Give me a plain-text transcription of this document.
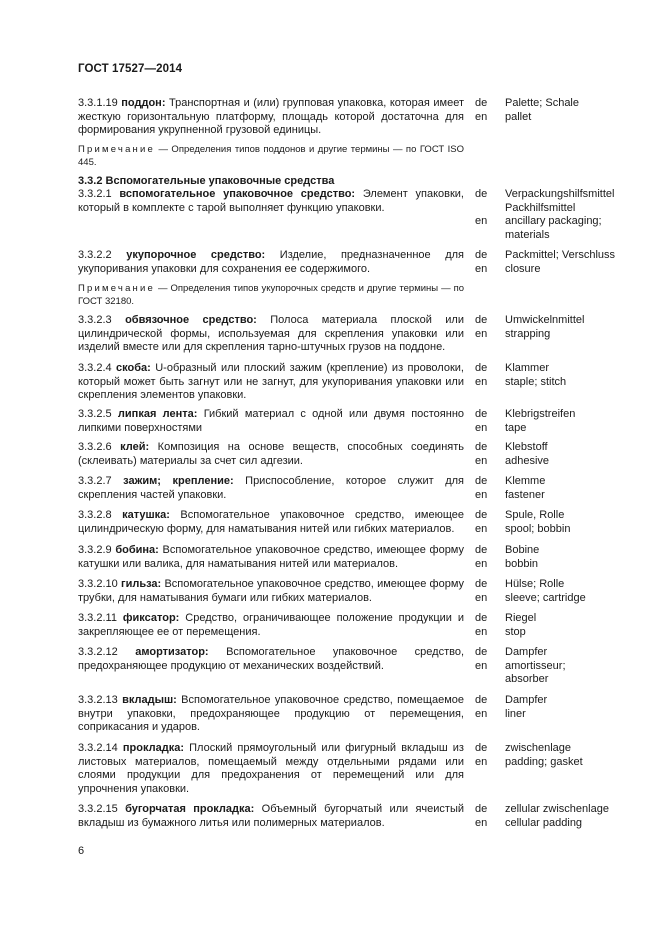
ГОСТ 17527—2014
3.3.1.19 поддон: Транспортная и (или) групповая упаковка, которая имеет жесткую горизонтальную платформу, площадь которой достаточна для формирования укрупненной грузовой единицы.
de
en
Palette; Schale
pallet
Примечание — Определения типов поддонов и другие термины — по ГОСТ ISO 445.
3.3.2 Вспомогательные упаковочные средства
3.3.2.1 вспомогательное упаковочное средство: Элемент упаковки, который в комплекте с тарой выполняет функцию упаковки.
de
en
Verpackungshilfsmittel
Packhilfsmittel
ancillary packaging;
materials
3.3.2.2 укупорочное средство: Изделие, предназначенное для укупоривания упаковки для сохранения ее содержимого.
de
en
Packmittel; Verschluss
closure
Примечание — Определения типов укупорочных средств и другие термины — по ГОСТ 32180.
3.3.2.3 обвязочное средство: Полоса материала плоской или цилиндрической формы, используемая для скрепления упаковки или изделий вместе или для скрепления тарно-штучных грузов на поддоне.
de
en
Umwickelnmittel
strapping
3.3.2.4 скоба: U-образный или плоский зажим (крепление) из проволоки, который может быть загнут или не загнут, для укупоривания упаковки или скрепления элементов упаковки.
de
en
Klammer
staple; stitch
3.3.2.5 липкая лента: Гибкий материал с одной или двумя постоянно липкими поверхностями
de
en
Klebrigstreifen
tape
3.3.2.6 клей: Композиция на основе веществ, способных соединять (склеивать) материалы за счет сил адгезии.
de
en
Klebstoff
adhesive
3.3.2.7 зажим; крепление: Приспособление, которое служит для скрепления частей упаковки.
de
en
Klemme
fastener
3.3.2.8 катушка: Вспомогательное упаковочное средство, имеющее цилиндрическую форму, для наматывания нитей или гибких материалов.
de
en
Spule, Rolle
spool; bobbin
3.3.2.9 бобина: Вспомогательное упаковочное средство, имеющее форму катушки или валика, для наматывания нитей или материалов.
de
en
Bobine
bobbin
3.3.2.10 гильза: Вспомогательное упаковочное средство, имеющее форму трубки, для наматывания бумаги или гибких материалов.
de
en
Hülse; Rolle
sleeve; cartridge
3.3.2.11 фиксатор: Средство, ограничивающее положение продукции и закрепляющее ее от перемещения.
de
en
Riegel
stop
3.3.2.12 амортизатор: Вспомогательное упаковочное средство, предохраняющее продукцию от механических воздействий.
de
en
Dampfer
amortisseur;
absorber
3.3.2.13 вкладыш: Вспомогательное упаковочное средство, помещаемое внутри упаковки, предохраняющее продукцию от перемещения, соприкасания и ударов.
de
en
Dampfer
liner
3.3.2.14 прокладка: Плоский прямоугольный или фигурный вкладыш из листовых материалов, помещаемый между отдельными рядами или слоями продукции для предохранения от перемещений или для упрочнения упаковки.
de
en
zwischenlage
padding; gasket
3.3.2.15 бугорчатая прокладка: Объемный бугорчатый или ячеистый вкладыш из бумажного литья или полимерных материалов.
de
en
zellular zwischenlage
cellular padding
6
